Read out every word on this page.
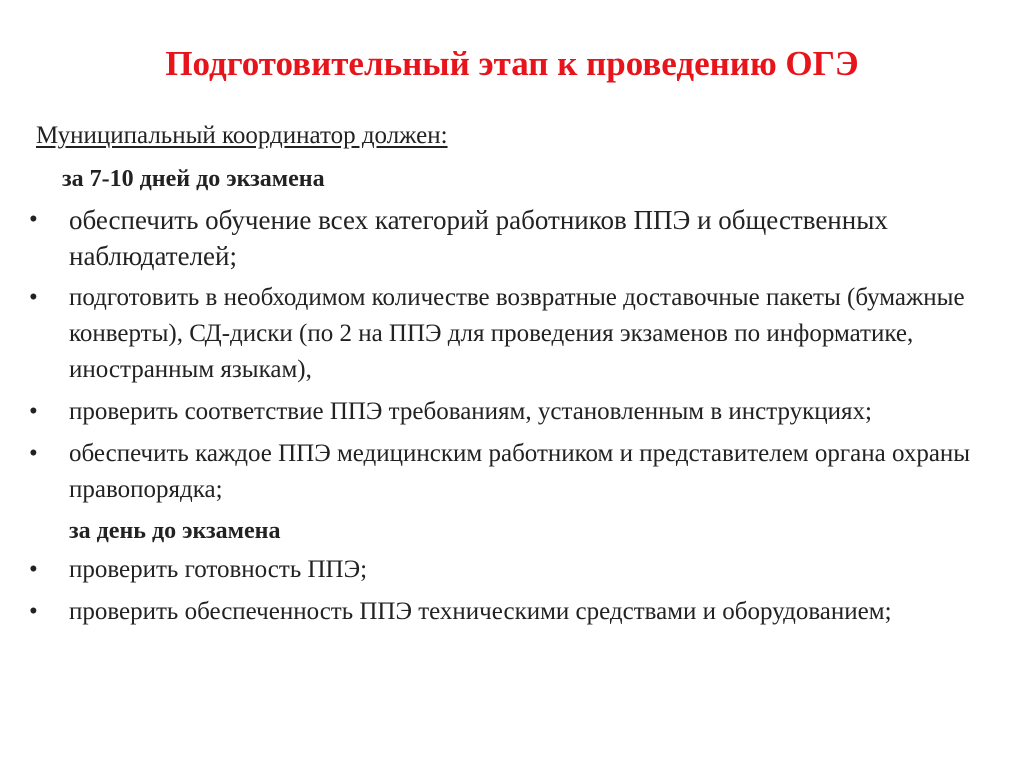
Подготовительный этап к проведению ОГЭ
Муниципальный координатор должен:
за 7-10 дней до экзамена
• обеспечить обучение всех категорий работников ППЭ и общественных наблюдателей;
• подготовить в необходимом количестве возвратные доставочные пакеты (бумажные конверты), СД-диски (по 2 на ППЭ для проведения экзаменов по информатике, иностранным языкам),
• проверить соответствие ППЭ требованиям, установленным в инструкциях;
• обеспечить каждое ППЭ медицинским работником и представителем органа охраны правопорядка;
за день до экзамена
• проверить готовность ППЭ;
• проверить обеспеченность ППЭ техническими средствами и оборудованием;
